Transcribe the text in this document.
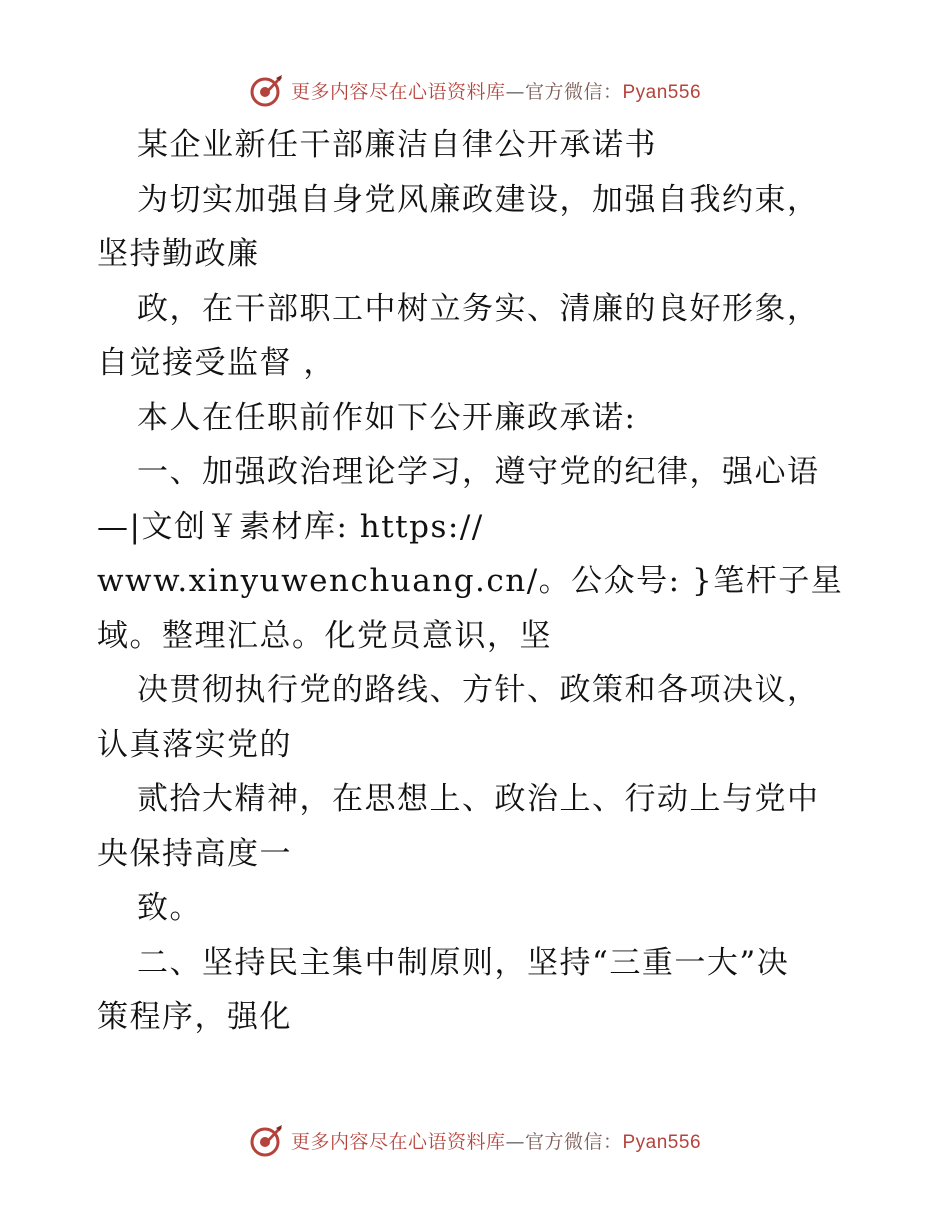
更多内容尽在心语资料库—官方微信：Pyan556
某企业新任干部廉洁自律公开承诺书
为切实加强自身党风廉政建设，加强自我约束，
坚持勤政廉
政，在干部职工中树立务实、清廉的良好形象，
自觉接受监督 ，
本人在任职前作如下公开廉政承诺:
一、加强政治理论学习，遵守党的纪律，强心语
—|文创￥素材库: https://
www.xinyuwenchuang.cn/。公众号: }笔杆子星
域。整理汇总。化党员意识，坚
决贯彻执行党的路线、方针、政策和各项决议，
认真落实党的
贰拾大精神，在思想上、政治上、行动上与党中
央保持高度一
致。
二、坚持民主集中制原则，坚持“三重一大”决
策程序，强化
更多内容尽在心语资料库—官方微信：Pyan556
